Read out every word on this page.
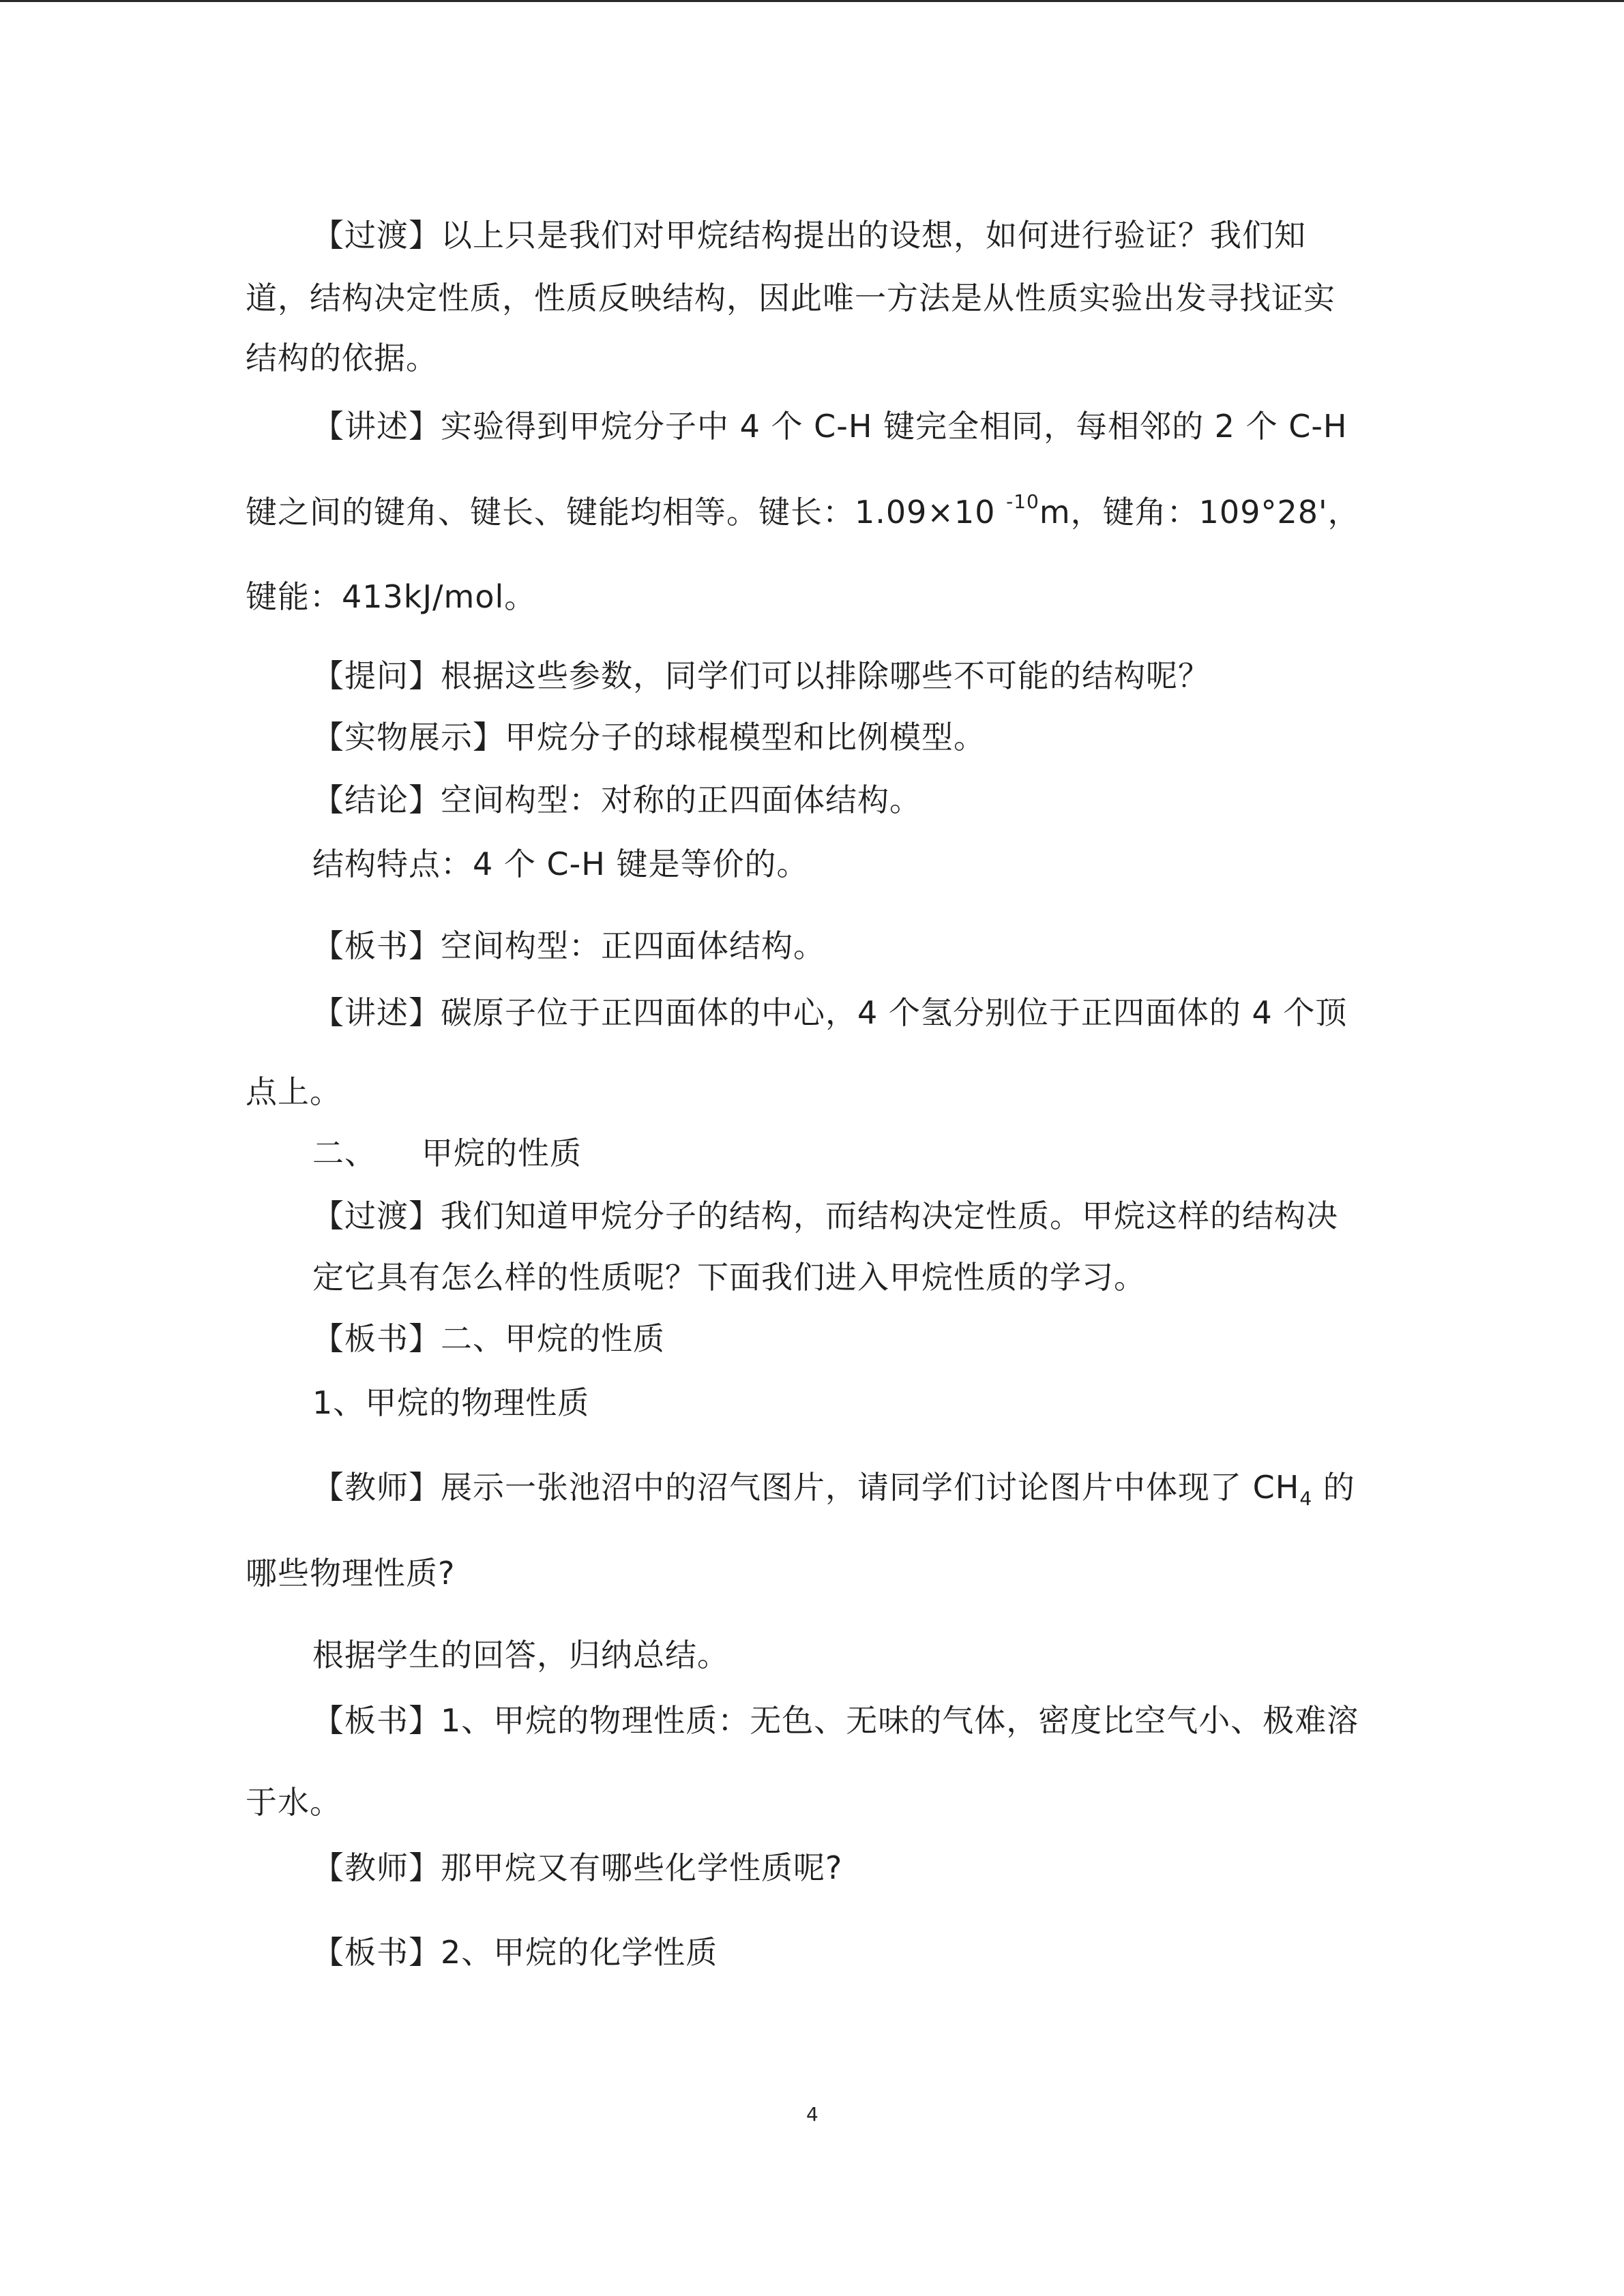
【过渡】以上只是我们对甲烷结构提出的设想，如何进行验证？我们知
道，结构决定性质，性质反映结构，因此唯一方法是从性质实验出发寻找证实
结构的依据。
【讲述】实验得到甲烷分子中 4 个 C-H 键完全相同，每相邻的 2 个 C-H
键之间的键角、键长、键能均相等。键长：1.09×10 $^{-10}$m，键角：109°28'，
键能：413kJ/mol。
【提问】根据这些参数，同学们可以排除哪些不可能的结构呢？
【实物展示】甲烷分子的球棍模型和比例模型。
【结论】空间构型：对称的正四面体结构。
结构特点：4 个 C-H 键是等价的。
【板书】空间构型：正四面体结构。
【讲述】碳原子位于正四面体的中心，4 个氢分别位于正四面体的 4 个顶
点上。
二、 甲烷的性质
【过渡】我们知道甲烷分子的结构，而结构决定性质。甲烷这样的结构决
定它具有怎么样的性质呢？下面我们进入甲烷性质的学习。
【板书】二、甲烷的性质
1、甲烷的物理性质
【教师】展示一张池沼中的沼气图片，请同学们讨论图片中体现了 $CH_4$ 的
哪些物理性质?
根据学生的回答，归纳总结。
【板书】1、甲烷的物理性质：无色、无味的气体，密度比空气小、极难溶
于水。
【教师】那甲烷又有哪些化学性质呢?
【板书】2、甲烷的化学性质
4
